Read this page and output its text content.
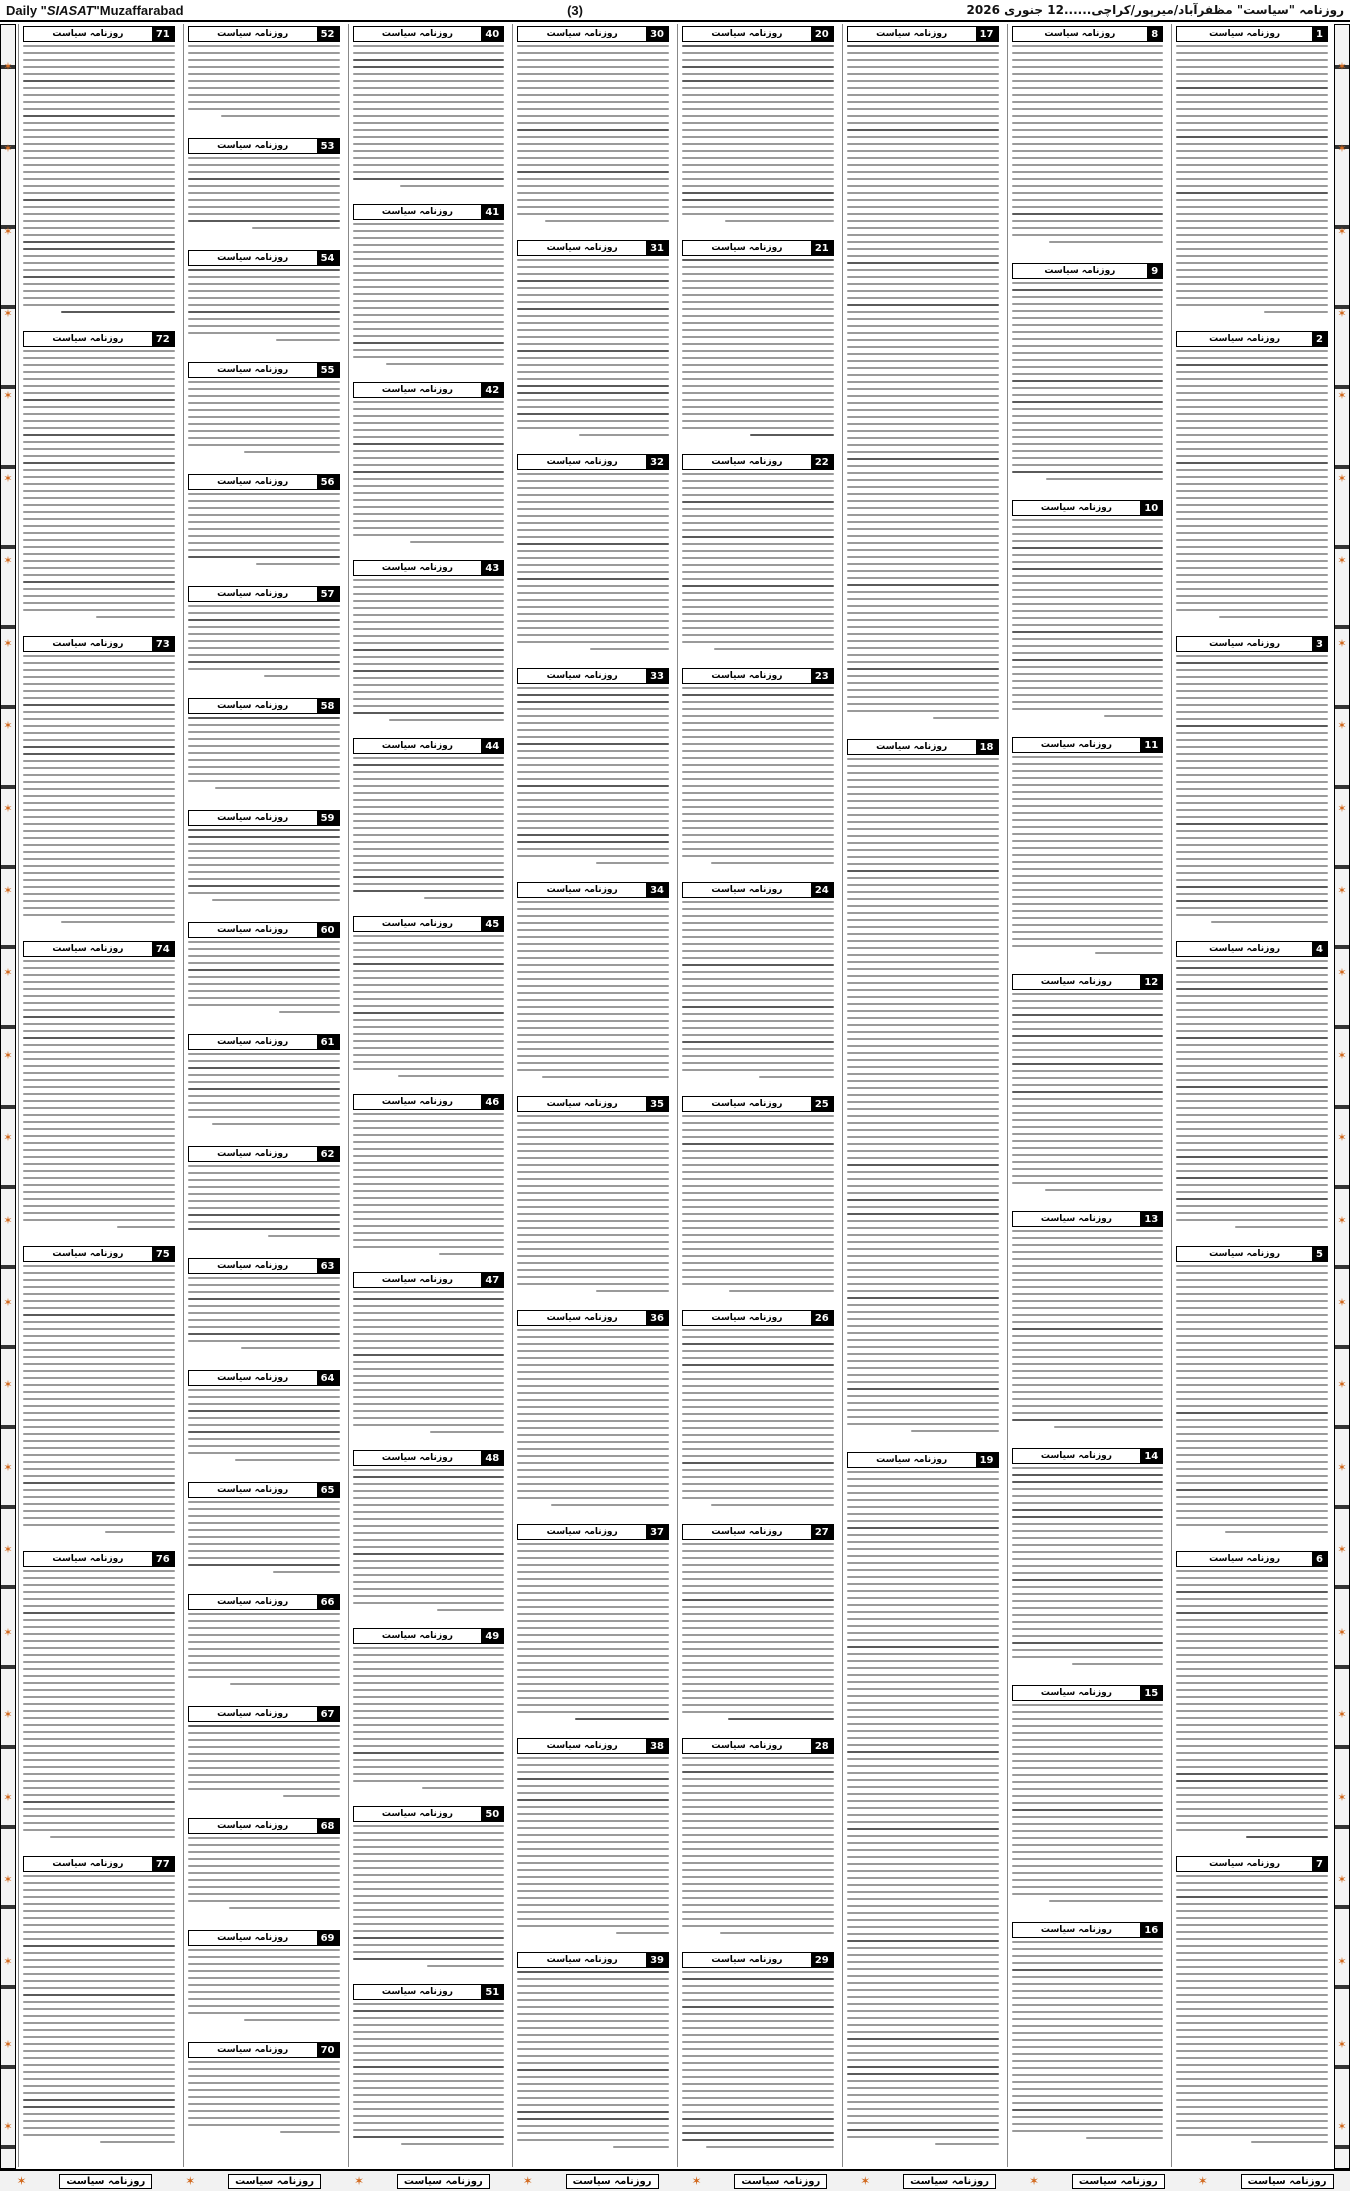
Daily "SIASAT"Muzaffarabad	(3)	روزنامہ "سیاست" مظفرآباد/میرپور/کراچی......12 جنوری 2026
✶
✶
✶
✶
✶
✶
✶
✶
✶
✶
✶
✶
✶
✶
✶
✶
✶
✶
✶
✶
✶
✶
✶
✶
✶
✶
✶
✶
✶
✶
✶
✶
✶
✶
✶
✶
✶
✶
✶
✶
✶
✶
✶
✶
✶
✶
✶
✶
✶
✶
✶
✶
1
روزنامہ سیاست
2
روزنامہ سیاست
3
روزنامہ سیاست
4
روزنامہ سیاست
5
روزنامہ سیاست
6
روزنامہ سیاست
7
روزنامہ سیاست
8
روزنامہ سیاست
9
روزنامہ سیاست
10
روزنامہ سیاست
11
روزنامہ سیاست
12
روزنامہ سیاست
13
روزنامہ سیاست
14
روزنامہ سیاست
15
روزنامہ سیاست
16
روزنامہ سیاست
17
روزنامہ سیاست
18
روزنامہ سیاست
19
روزنامہ سیاست
20
روزنامہ سیاست
21
روزنامہ سیاست
22
روزنامہ سیاست
23
روزنامہ سیاست
24
روزنامہ سیاست
25
روزنامہ سیاست
26
روزنامہ سیاست
27
روزنامہ سیاست
28
روزنامہ سیاست
29
روزنامہ سیاست
30
روزنامہ سیاست
31
روزنامہ سیاست
32
روزنامہ سیاست
33
روزنامہ سیاست
34
روزنامہ سیاست
35
روزنامہ سیاست
36
روزنامہ سیاست
37
روزنامہ سیاست
38
روزنامہ سیاست
39
روزنامہ سیاست
40
روزنامہ سیاست
41
روزنامہ سیاست
42
روزنامہ سیاست
43
روزنامہ سیاست
44
روزنامہ سیاست
45
روزنامہ سیاست
46
روزنامہ سیاست
47
روزنامہ سیاست
48
روزنامہ سیاست
49
روزنامہ سیاست
50
روزنامہ سیاست
51
روزنامہ سیاست
52
روزنامہ سیاست
53
روزنامہ سیاست
54
روزنامہ سیاست
55
روزنامہ سیاست
56
روزنامہ سیاست
57
روزنامہ سیاست
58
روزنامہ سیاست
59
روزنامہ سیاست
60
روزنامہ سیاست
61
روزنامہ سیاست
62
روزنامہ سیاست
63
روزنامہ سیاست
64
روزنامہ سیاست
65
روزنامہ سیاست
66
روزنامہ سیاست
67
روزنامہ سیاست
68
روزنامہ سیاست
69
روزنامہ سیاست
70
روزنامہ سیاست
71
روزنامہ سیاست
72
روزنامہ سیاست
73
روزنامہ سیاست
74
روزنامہ سیاست
75
روزنامہ سیاست
76
روزنامہ سیاست
77
روزنامہ سیاست
✶	روزنامہ سیاست	✶	روزنامہ سیاست	✶	روزنامہ سیاست	✶	روزنامہ سیاست	✶	روزنامہ سیاست	✶	روزنامہ سیاست	✶	روزنامہ سیاست	✶	روزنامہ سیاست
